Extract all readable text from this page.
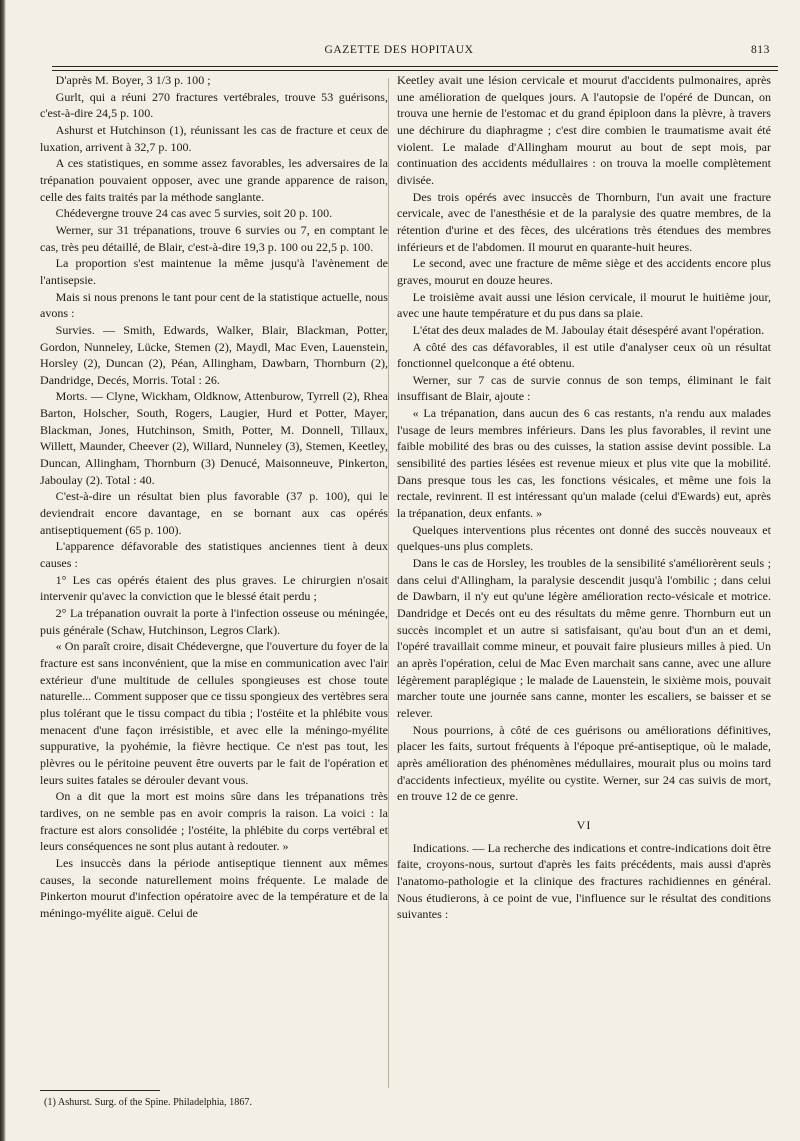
GAZETTE DES HOPITAUX	813

D'après M. Boyer, 3 1/3 p. 100 ;

Gurlt, qui a réuni 270 fractures vertébrales, trouve 53 guérisons, c'est-à-dire 24,5 p. 100.

Ashurst et Hutchinson (1), réunissant les cas de fracture et ceux de luxation, arrivent à 32,7 p. 100.

A ces statistiques, en somme assez favorables, les adversaires de la trépanation pouvaient opposer, avec une grande apparence de raison, celle des faits traités par la méthode sanglante.

Chédevergne trouve 24 cas avec 5 survies, soit 20 p. 100.

Werner, sur 31 trépanations, trouve 6 survies ou 7, en comptant le cas, très peu détaillé, de Blair, c'est-à-dire 19,3 p. 100 ou 22,5 p. 100.

La proportion s'est maintenue la même jusqu'à l'avènement de l'antisepsie.

Mais si nous prenons le tant pour cent de la statistique actuelle, nous avons :

Survies. — Smith, Edwards, Walker, Blair, Blackman, Potter, Gordon, Nunneley, Lücke, Stemen (2), Maydl, Mac Even, Lauenstein, Horsley (2), Duncan (2), Péan, Allingham, Dawbarn, Thornburn (2), Dandridge, Decés, Morris. Total : 26.

Morts. — Clyne, Wickham, Oldknow, Attenburow, Tyrrell (2), Rhea Barton, Holscher, South, Rogers, Laugier, Hurd et Potter, Mayer, Blackman, Jones, Hutchinson, Smith, Potter, M. Donnell, Tillaux, Willett, Maunder, Cheever (2), Willard, Nunneley (3), Stemen, Keetley, Duncan, Allingham, Thornburn (3) Denucé, Maisonneuve, Pinkerton, Jaboulay (2). Total : 40.

C'est-à-dire un résultat bien plus favorable (37 p. 100), qui le deviendrait encore davantage, en se bornant aux cas opérés antiseptiquement (65 p. 100).

L'apparence défavorable des statistiques anciennes tient à deux causes :

1° Les cas opérés étaient des plus graves. Le chirurgien n'osait intervenir qu'avec la conviction que le blessé était perdu ;

2° La trépanation ouvrait la porte à l'infection osseuse ou méningée, puis générale (Schaw, Hutchinson, Legros Clark).

« On paraît croire, disait Chédevergne, que l'ouverture du foyer de la fracture est sans inconvénient, que la mise en communication avec l'air extérieur d'une multitude de cellules spongieuses est chose toute naturelle... Comment supposer que ce tissu spongieux des vertèbres sera plus tolérant que le tissu compact du tibia ; l'ostéite et la phlébite vous menacent d'une façon irrésistible, et avec elle la méningo-myélite suppurative, la pyohémie, la fièvre hectique. Ce n'est pas tout, les plèvres ou le péritoine peuvent être ouverts par le fait de l'opération et leurs suites fatales se dérouler devant vous.

On a dit que la mort est moins sûre dans les trépanations très tardives, on ne semble pas en avoir compris la raison. La voici : la fracture est alors consolidée ; l'ostéite, la phlébite du corps vertébral et leurs conséquences ne sont plus autant à redouter. »

Les insuccès dans la période antiseptique tiennent aux mêmes causes, la seconde naturellement moins fréquente. Le malade de Pinkerton mourut d'infection opératoire avec de la température et de la méningo-myélite aiguë. Celui de

Keetley avait une lésion cervicale et mourut d'accidents pulmonaires, après une amélioration de quelques jours. A l'autopsie de l'opéré de Duncan, on trouva une hernie de l'estomac et du grand épiploon dans la plèvre, à travers une déchirure du diaphragme ; c'est dire combien le traumatisme avait été violent. Le malade d'Allingham mourut au bout de sept mois, par continuation des accidents médullaires : on trouva la moelle complètement divisée.

Des trois opérés avec insuccès de Thornburn, l'un avait une fracture cervicale, avec de l'anesthésie et de la paralysie des quatre membres, de la rétention d'urine et des fèces, des ulcérations très étendues des membres inférieurs et de l'abdomen. Il mourut en quarante-huit heures.

Le second, avec une fracture de même siège et des accidents encore plus graves, mourut en douze heures.

Le troisième avait aussi une lésion cervicale, il mourut le huitième jour, avec une haute température et du pus dans sa plaie.

L'état des deux malades de M. Jaboulay était désespéré avant l'opération.

A côté des cas défavorables, il est utile d'analyser ceux où un résultat fonctionnel quelconque a été obtenu.

Werner, sur 7 cas de survie connus de son temps, éliminant le fait insuffisant de Blair, ajoute :

« La trépanation, dans aucun des 6 cas restants, n'a rendu aux malades l'usage de leurs membres inférieurs. Dans les plus favorables, il revint une faible mobilité des bras ou des cuisses, la station assise devint possible. La sensibilité des parties lésées est revenue mieux et plus vite que la mobilité. Dans presque tous les cas, les fonctions vésicales, et même une fois la rectale, revinrent. Il est intéressant qu'un malade (celui d'Ewards) eut, après la trépanation, deux enfants. »

Quelques interventions plus récentes ont donné des succès nouveaux et quelques-uns plus complets.

Dans le cas de Horsley, les troubles de la sensibilité s'améliorèrent seuls ; dans celui d'Allingham, la paralysie descendit jusqu'à l'ombilic ; dans celui de Dawbarn, il n'y eut qu'une légère amélioration recto-vésicale et motrice. Dandridge et Decés ont eu des résultats du même genre. Thornburn eut un succès incomplet et un autre si satisfaisant, qu'au bout d'un an et demi, l'opéré travaillait comme mineur, et pouvait faire plusieurs milles à pied. Un an après l'opération, celui de Mac Even marchait sans canne, avec une allure légèrement paraplégique ; le malade de Lauenstein, le sixième mois, pouvait marcher toute une journée sans canne, monter les escaliers, se baisser et se relever.

Nous pourrions, à côté de ces guérisons ou améliorations définitives, placer les faits, surtout fréquents à l'époque pré-antiseptique, où le malade, après amélioration des phénomènes médullaires, mourait plus ou moins tard d'accidents infectieux, myélite ou cystite. Werner, sur 24 cas suivis de mort, en trouve 12 de ce genre.

VI

Indications. — La recherche des indications et contre-indications doit être faite, croyons-nous, surtout d'après les faits précédents, mais aussi d'après l'anatomo-pathologie et la clinique des fractures rachidiennes en général. Nous étudierons, à ce point de vue, l'influence sur le résultat des conditions suivantes :

(1) Ashurst. Surg. of the Spine. Philadelphia, 1867.
